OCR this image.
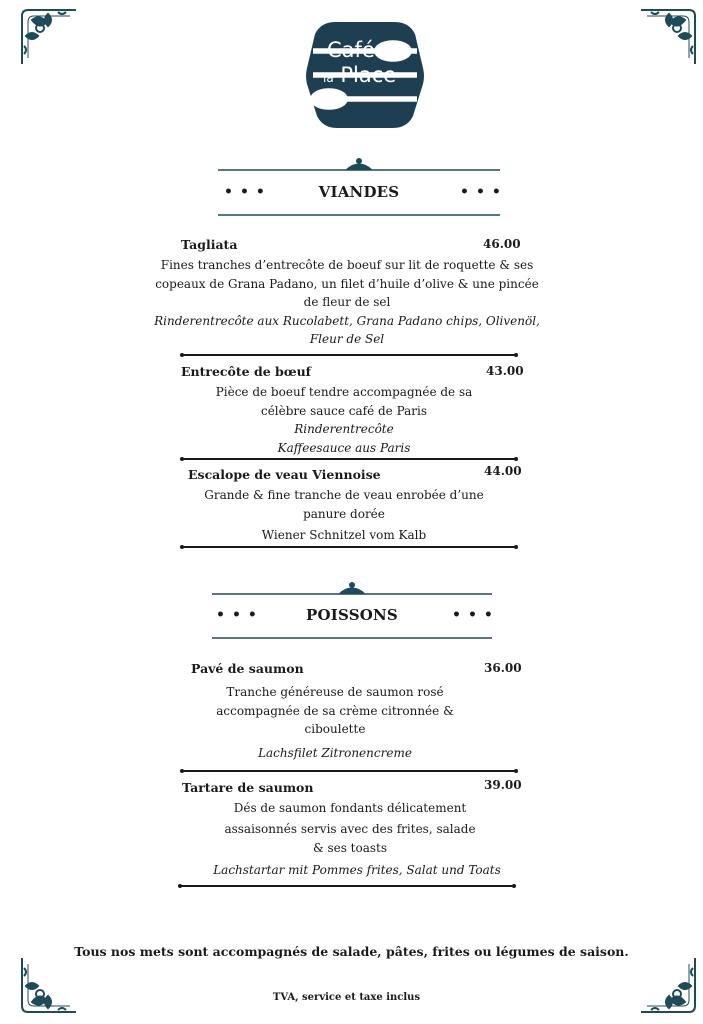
Café
la Place
•••	•••
VIANDES
Tagliata	46.00
Fines tranches d’entrecôte de boeuf sur lit de roquette & ses
copeaux de Grana Padano, un filet d’huile d’olive & une pincée
de fleur de sel
Rinderentrecôte aux Rucolabett, Grana Padano chips, Olivenöl,
Fleur de Sel
Entrecôte de bœuf	43.00
Pièce de boeuf tendre accompagnée de sa
célèbre sauce café de Paris
Rinderentrecôte
Kaffeesauce aus Paris
Escalope de veau Viennoise	44.00
Grande & fine tranche de veau enrobée d’une
panure dorée
Wiener Schnitzel vom Kalb
•••	•••
POISSONS
Pavé de saumon	36.00
Tranche généreuse de saumon rosé
accompagnée de sa crème citronnée &
ciboulette
Lachsfilet Zitronencreme
Tartare de saumon	39.00
Dés de saumon fondants délicatement
assaisonnés servis avec des frites, salade
& ses toasts
Lachstartar mit Pommes frites, Salat und Toats
Tous nos mets sont accompagnés de salade, pâtes, frites ou légumes de saison.
TVA, service et taxe inclus
